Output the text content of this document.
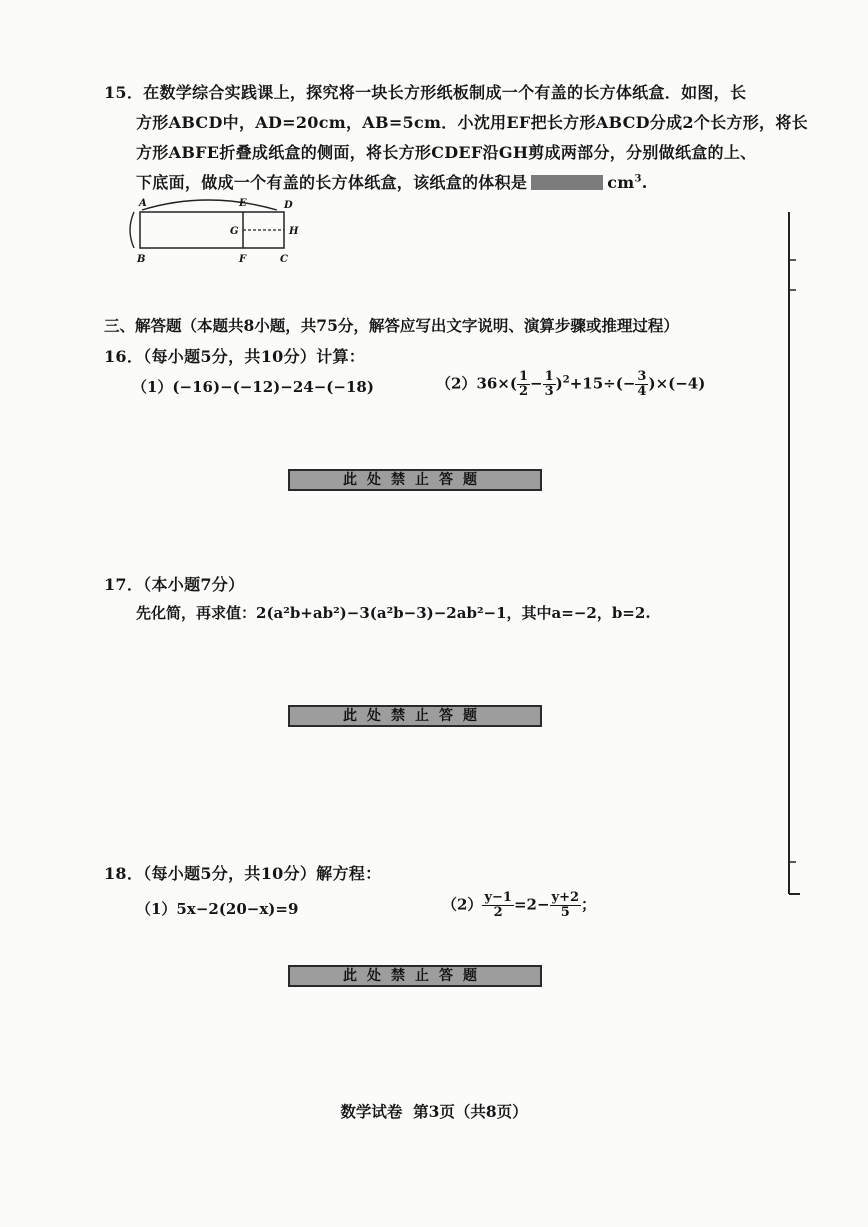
15．在数学综合实践课上，探究将一块长方形纸板制成一个有盖的长方体纸盒．如图，长
方形ABCD中，AD=20cm，AB=5cm．小沈用EF把长方形ABCD分成2个长方形，将长
方形ABFE折叠成纸盒的侧面，将长方形CDEF沿GH剪成两部分，分别做纸盒的上、
下底面，做成一个有盖的长方体纸盒，该纸盒的体积是	$cm^3$.
A
B	C
D
E
F
G	H
三、解答题（本题共8小题，共75分，解答应写出文字说明、演算步骤或推理过程）
16．（每小题5分，共10分）计算：
（1）(−16)−(−12)−24−(−18)	$(2)36\times( \frac{1}{2} - \frac{1}{3} )^2+15\div(- \frac{3}{4} )\times(-4)$
此处禁止答题
17．（本小题7分）
先化简，再求值：2(a²b+ab²)−3(a²b−3)−2ab²−1，其中a=−2，b=2.
此处禁止答题
18．（每小题5分，共10分）解方程：
（1）5x−2(20−x)=9	$(2) \frac{y-1}{2} =2- \frac{y+2}{5}$ ；
此处禁止答题
数学试卷  第3页（共8页）
